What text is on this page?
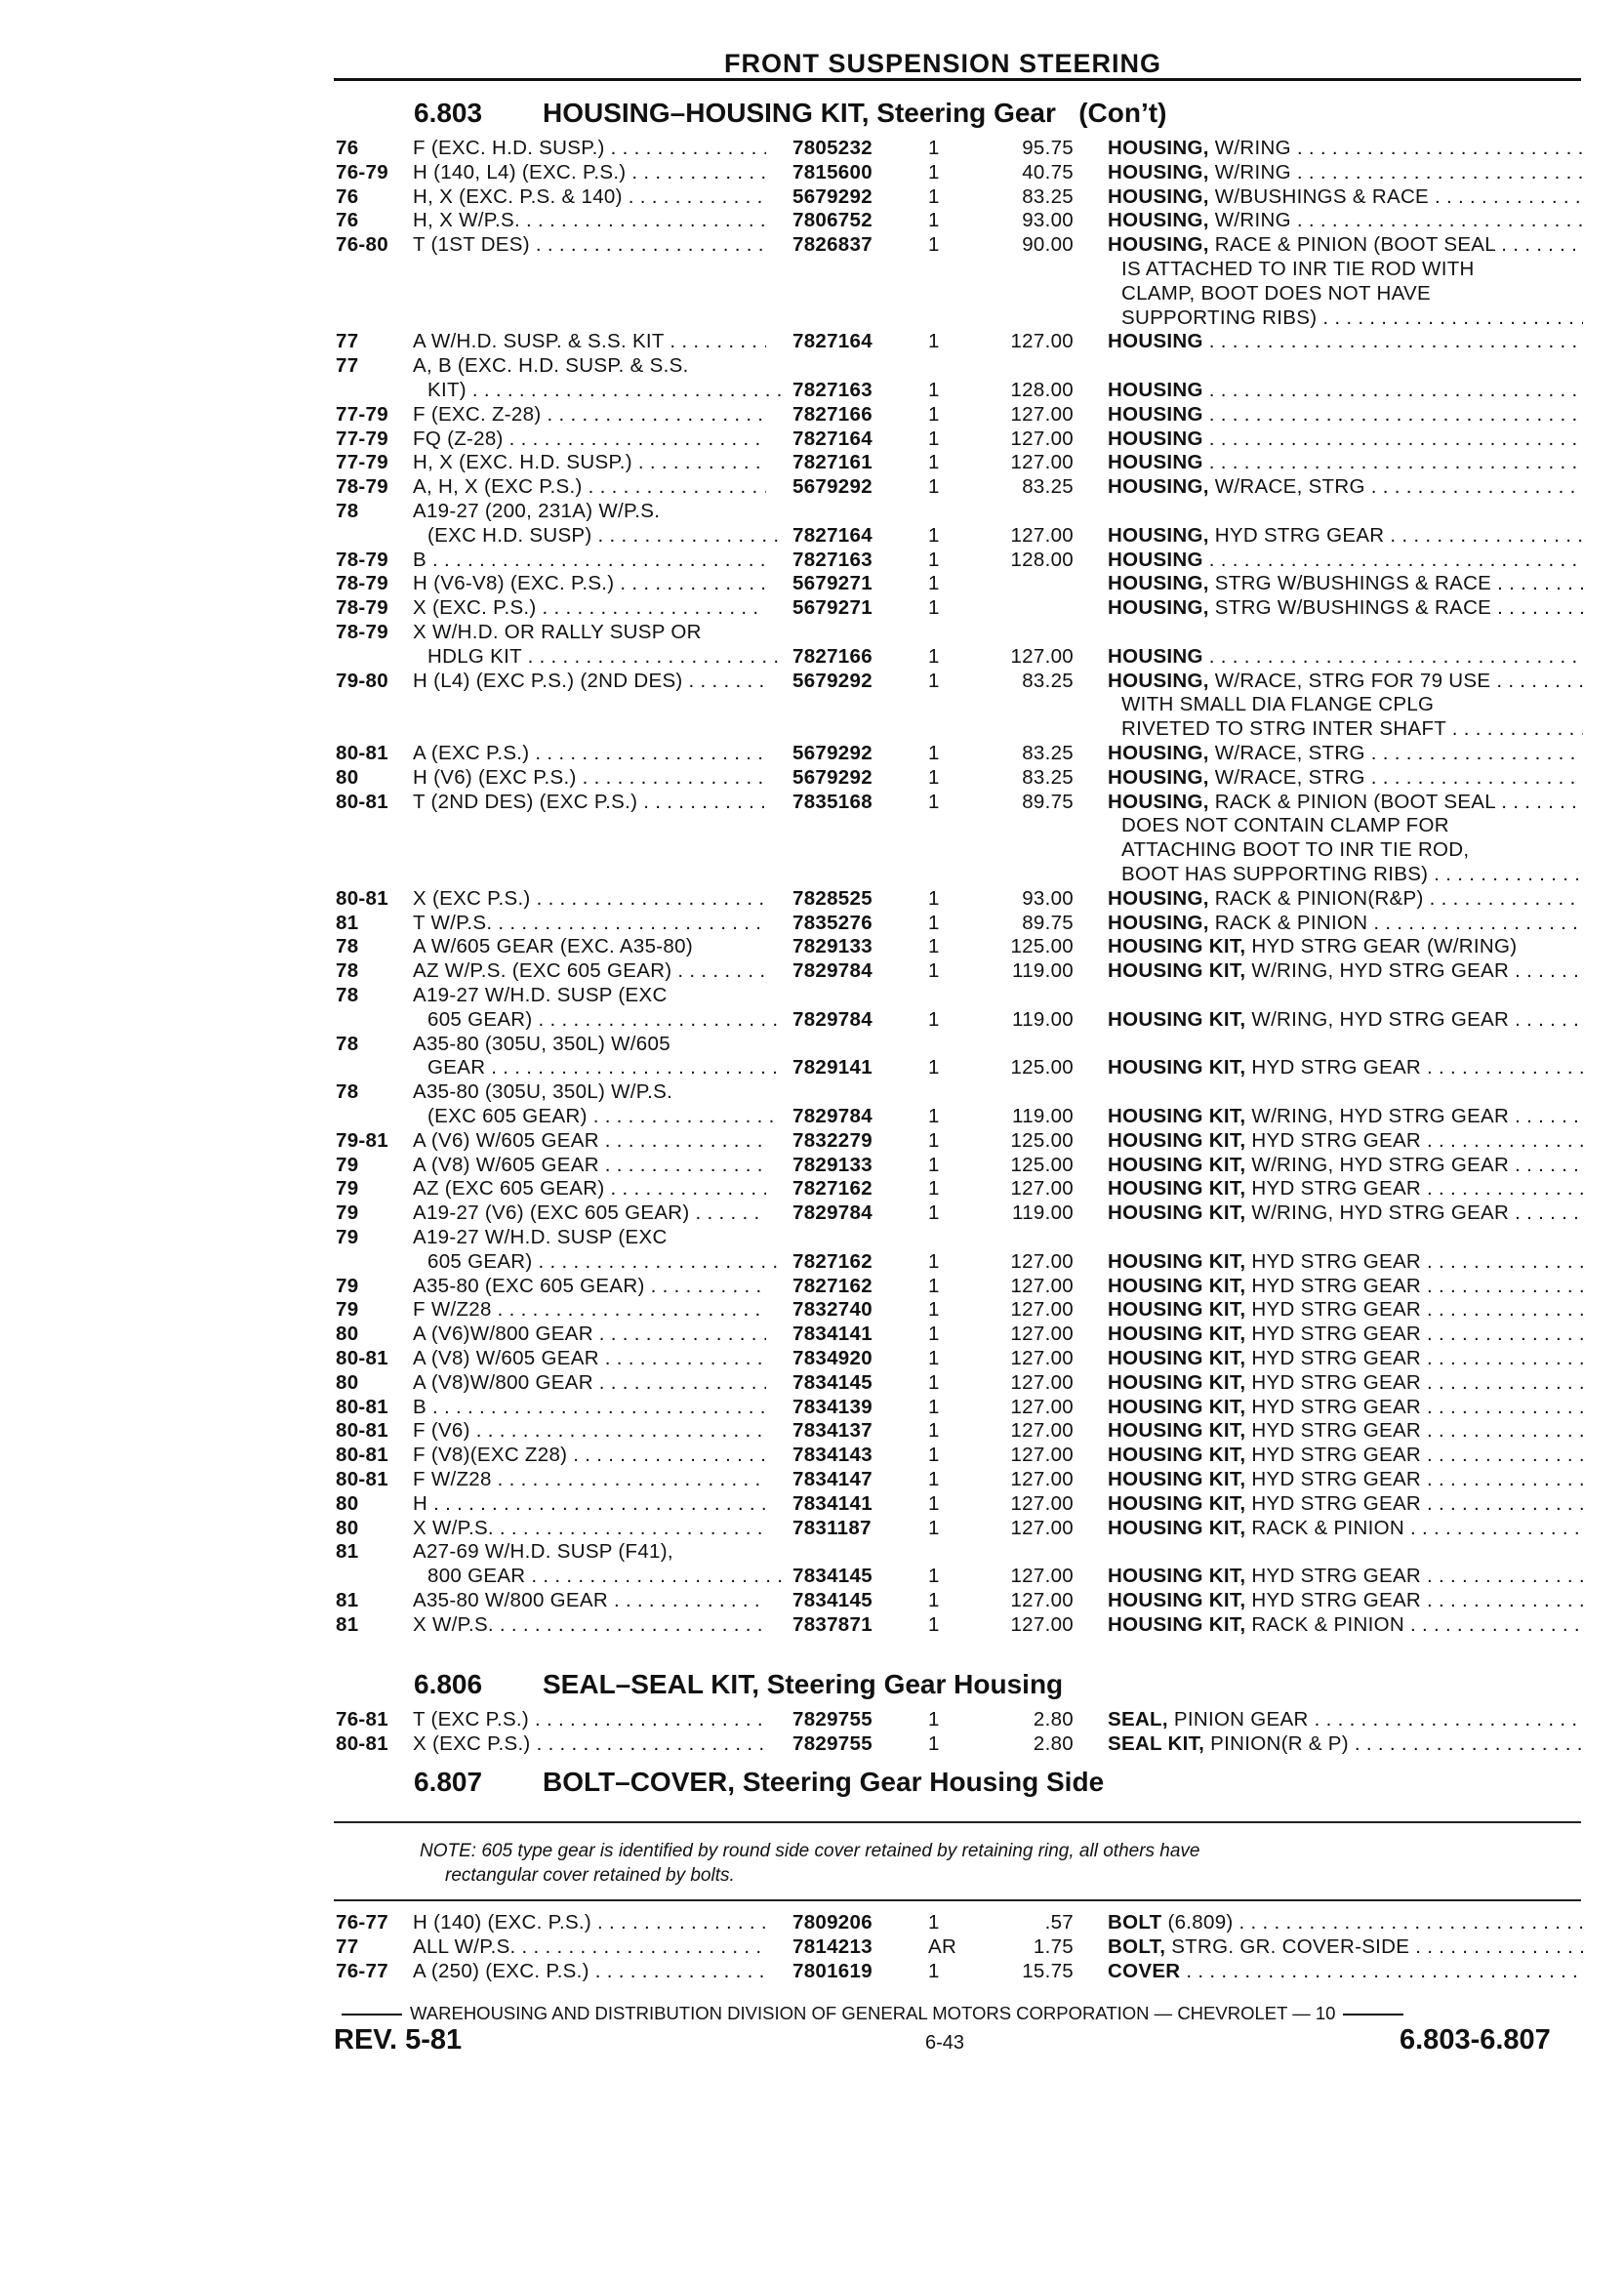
FRONT SUSPENSION STEERING
6.803 HOUSING–HOUSING KIT, Steering Gear (Con’t)
76	F (EXC. H.D. SUSP.) . . .	7805232	1	95.75 HOUSING, W/RING . . .
76-79 H (140, L4) (EXC. P.S.) . . .	7815600	1	40.75 HOUSING, W/RING . . .
76	H, X (EXC. P.S. & 140) . . .	5679292	1	83.25 HOUSING, W/BUSHINGS & RACE . . .
76	H, X W/P.S. . . .	7806752	1	93.00 HOUSING, W/RING . . .
76-80 T (1ST DES) . . .	7826837	1	90.00 HOUSING, RACE & PINION (BOOT SEAL . . .
IS ATTACHED TO INR TIE ROD WITH
CLAMP, BOOT DOES NOT HAVE
SUPPORTING RIBS) . . .
77	A W/H.D. SUSP. & S.S. KIT . . .	7827164	1	127.00 HOUSING . . .
77	A, B (EXC. H.D. SUSP. & S.S.
KIT) . . .	7827163	1	128.00 HOUSING . . .
77-79 F (EXC. Z-28) . . .	7827166	1	127.00 HOUSING . . .
77-79 FQ (Z-28) . . .	7827164	1	127.00 HOUSING . . .
77-79 H, X (EXC. H.D. SUSP.) . . .	7827161	1	127.00 HOUSING . . .
78-79 A, H, X (EXC P.S.) . . .	5679292	1	83.25 HOUSING, W/RACE, STRG . . .
78	A19-27 (200, 231A) W/P.S.
(EXC H.D. SUSP) . . .	7827164	1	127.00 HOUSING, HYD STRG GEAR . . .
78-79 B . . .	7827163	1	128.00 HOUSING . . .
78-79 H (V6-V8) (EXC. P.S.) . . .	5679271	1	HOUSING, STRG W/BUSHINGS & RACE . . .
78-79 X (EXC. P.S.) . . .	5679271	1	HOUSING, STRG W/BUSHINGS & RACE . . .
78-79 X W/H.D. OR RALLY SUSP OR
HDLG KIT . . .	7827166	1	127.00 HOUSING . . .
79-80 H (L4) (EXC P.S.) (2ND DES) . . .	5679292	1	83.25 HOUSING, W/RACE, STRG FOR 79 USE . . .
WITH SMALL DIA FLANGE CPLG
RIVETED TO STRG INTER SHAFT . . .
80-81 A (EXC P.S.) . . .	5679292	1	83.25 HOUSING, W/RACE, STRG . . .
80	H (V6) (EXC P.S.) . . .	5679292	1	83.25 HOUSING, W/RACE, STRG . . .
80-81 T (2ND DES) (EXC P.S.) . . .	7835168	1	89.75 HOUSING, RACK & PINION (BOOT SEAL . . .
DOES NOT CONTAIN CLAMP FOR
ATTACHING BOOT TO INR TIE ROD,
BOOT HAS SUPPORTING RIBS) . . .
80-81 X (EXC P.S.) . . .	7828525	1	93.00 HOUSING, RACK & PINION(R&P) . . .
81	T W/P.S. . . .	7835276	1	89.75 HOUSING, RACK & PINION . . .
78	A W/605 GEAR (EXC. A35-80)	7829133	1	125.00 HOUSING KIT, HYD STRG GEAR (W/RING)
78	AZ W/P.S. (EXC 605 GEAR) . . .	7829784	1	119.00 HOUSING KIT, W/RING, HYD STRG GEAR . . .
78	A19-27 W/H.D. SUSP (EXC
605 GEAR) . . .	7829784	1	119.00 HOUSING KIT, W/RING, HYD STRG GEAR . . .
78	A35-80 (305U, 350L) W/605
GEAR . . .	7829141	1	125.00 HOUSING KIT, HYD STRG GEAR . . .
78	A35-80 (305U, 350L) W/P.S.
(EXC 605 GEAR) . . .	7829784	1	119.00 HOUSING KIT, W/RING, HYD STRG GEAR . . .
79-81 A (V6) W/605 GEAR . . .	7832279	1	125.00 HOUSING KIT, HYD STRG GEAR . . .
79	A (V8) W/605 GEAR . . .	7829133	1	125.00 HOUSING KIT, W/RING, HYD STRG GEAR . . .
79	AZ (EXC 605 GEAR) . . .	7827162	1	127.00 HOUSING KIT, HYD STRG GEAR . . .
79	A19-27 (V6) (EXC 605 GEAR) . . .	7829784	1	119.00 HOUSING KIT, W/RING, HYD STRG GEAR . . .
79	A19-27 W/H.D. SUSP (EXC
605 GEAR) . . .	7827162	1	127.00 HOUSING KIT, HYD STRG GEAR . . .
79	A35-80 (EXC 605 GEAR) . . .	7827162	1	127.00 HOUSING KIT, HYD STRG GEAR . . .
79	F W/Z28 . . .	7832740	1	127.00 HOUSING KIT, HYD STRG GEAR . . .
80	A (V6)W/800 GEAR . . .	7834141	1	127.00 HOUSING KIT, HYD STRG GEAR . . .
80-81 A (V8) W/605 GEAR . . .	7834920	1	127.00 HOUSING KIT, HYD STRG GEAR . . .
80	A (V8)W/800 GEAR . . .	7834145	1	127.00 HOUSING KIT, HYD STRG GEAR . . .
80-81 B . . .	7834139	1	127.00 HOUSING KIT, HYD STRG GEAR . . .
80-81 F (V6) . . .	7834137	1	127.00 HOUSING KIT, HYD STRG GEAR . . .
80-81 F (V8)(EXC Z28) . . .	7834143	1	127.00 HOUSING KIT, HYD STRG GEAR . . .
80-81 F W/Z28 . . .	7834147	1	127.00 HOUSING KIT, HYD STRG GEAR . . .
80	H . . .	7834141	1	127.00 HOUSING KIT, HYD STRG GEAR . . .
80	X W/P.S. . . .	7831187	1	127.00 HOUSING KIT, RACK & PINION . . .
81	A27-69 W/H.D. SUSP (F41),
800 GEAR . . .	7834145	1	127.00 HOUSING KIT, HYD STRG GEAR . . .
81	A35-80 W/800 GEAR . . .	7834145	1	127.00 HOUSING KIT, HYD STRG GEAR . . .
81	X W/P.S. . . .	7837871	1	127.00 HOUSING KIT, RACK & PINION . . .
6.806 SEAL–SEAL KIT, Steering Gear Housing
76-81 T (EXC P.S.) . . .	7829755	1	2.80 SEAL, PINION GEAR . . .
80-81 X (EXC P.S.) . . .	7829755	1	2.80 SEAL KIT, PINION(R & P) . . .
6.807 BOLT–COVER, Steering Gear Housing Side
NOTE: 605 type gear is identified by round side cover retained by retaining ring, all others have
rectangular cover retained by bolts.
76-77 H (140) (EXC. P.S.) . . .	7809206	1	.57 BOLT (6.809) . . .
77	ALL W/P.S. . . .	7814213	AR	1.75 BOLT, STRG. GR. COVER-SIDE . . .
76-77 A (250) (EXC. P.S.) . . .	7801619	1	15.75 COVER . . .
WAREHOUSING AND DISTRIBUTION DIVISION OF GENERAL MOTORS CORPORATION — CHEVROLET — 10
REV. 5-81	6-43	6.803-6.807
